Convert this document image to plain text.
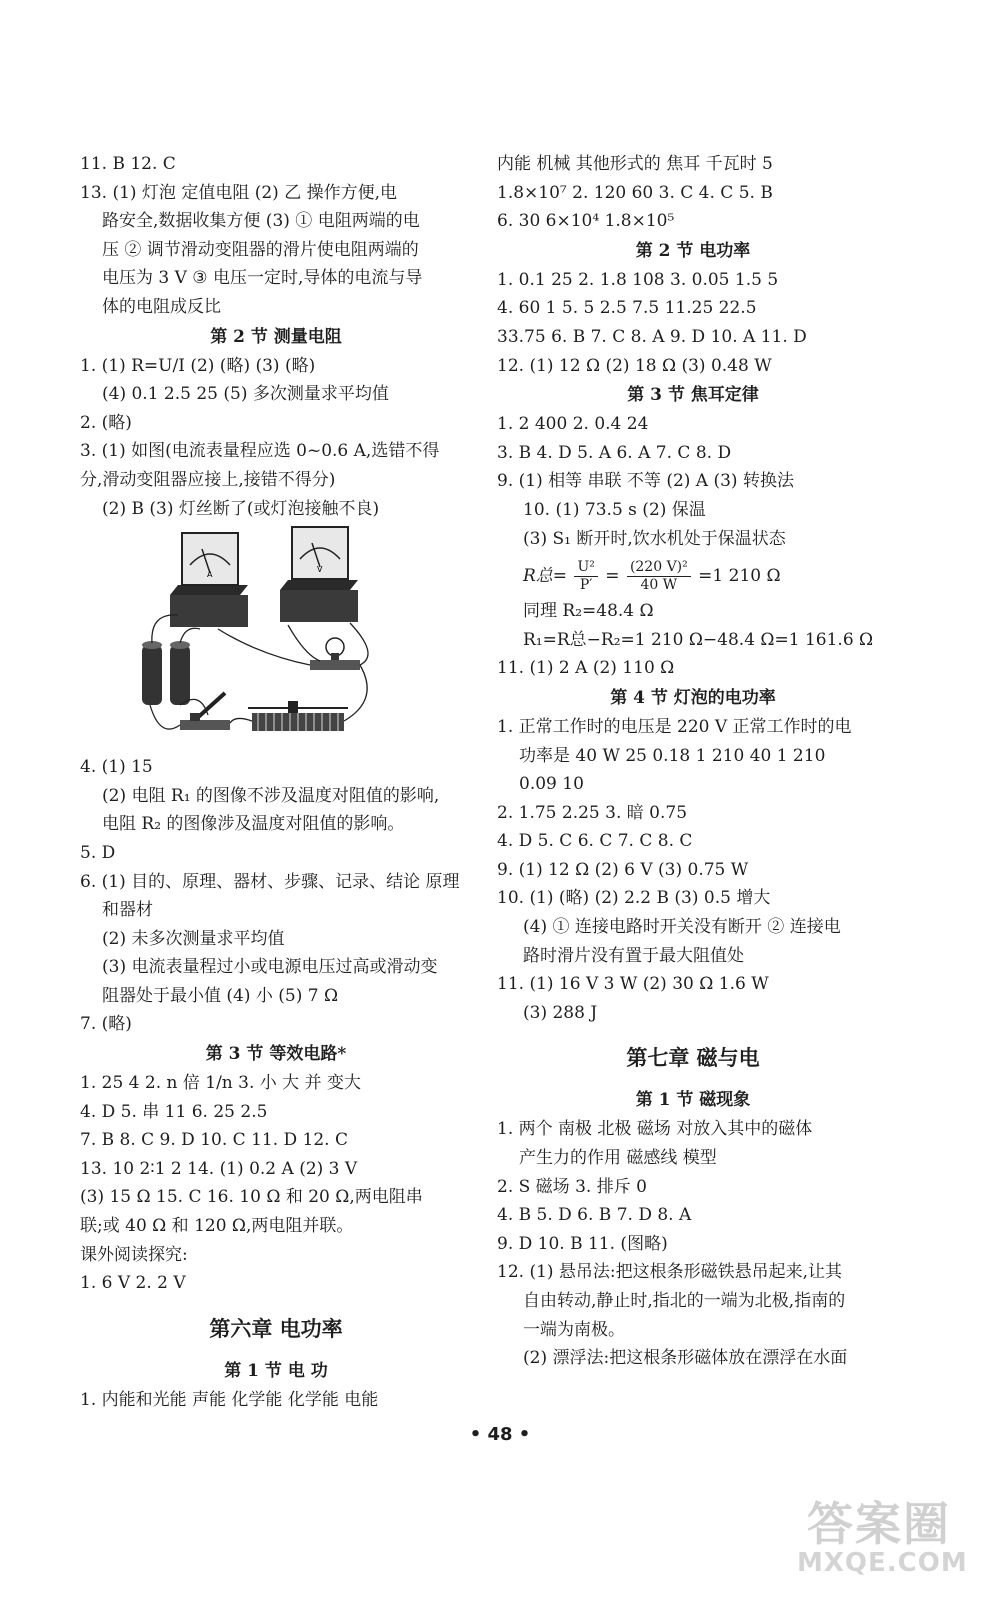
11. B 12. C
13. (1) 灯泡 定值电阻 (2) 乙 操作方便,电
路安全,数据收集方便 (3) ① 电阻两端的电
压 ② 调节滑动变阻器的滑片使电阻两端的
电压为 3 V ③ 电压一定时,导体的电流与导
体的电阻成反比
第 2 节 测量电阻
1. (1) R=U/I (2) (略) (3) (略)
(4) 0.1 2.5 25 (5) 多次测量求平均值
2. (略)
3. (1) 如图(电流表量程应选 0~0.6 A,选错不得
分,滑动变阻器应接上,接错不得分)
(2) B (3) 灯丝断了(或灯泡接触不良)
A
V
4. (1) 15
(2) 电阻 R₁ 的图像不涉及温度对阻值的影响,
电阻 R₂ 的图像涉及温度对阻值的影响。
5. D
6. (1) 目的、原理、器材、步骤、记录、结论 原理
和器材
(2) 未多次测量求平均值
(3) 电流表量程过小或电源电压过高或滑动变
阻器处于最小值 (4) 小 (5) 7 Ω
7. (略)
第 3 节 等效电路*
1. 25 4 2. n 倍 1/n 3. 小 大 并 变大
4. D 5. 串 11 6. 25 2.5
7. B 8. C 9. D 10. C 11. D 12. C
13. 10 2∶1 2 14. (1) 0.2 A (2) 3 V
(3) 15 Ω 15. C 16. 10 Ω 和 20 Ω,两电阻串
联;或 40 Ω 和 120 Ω,两电阻并联。
课外阅读探究:
1. 6 V 2. 2 V
第六章 电功率
第 1 节 电 功
1. 内能和光能 声能 化学能 化学能 电能
内能 机械 其他形式的 焦耳 千瓦时 5
1.8×10⁷ 2. 120 60 3. C 4. C 5. B
6. 30 6×10⁴ 1.8×10⁵
第 2 节 电功率
1. 0.1 25 2. 1.8 108 3. 0.05 1.5 5
4. 60 1 5. 5 2.5 7.5 11.25 22.5
33.75 6. B 7. C 8. A 9. D 10. A 11. D
12. (1) 12 Ω (2) 18 Ω (3) 0.48 W
第 3 节 焦耳定律
1. 2 400 2. 0.4 24
3. B 4. D 5. A 6. A 7. C 8. D
9. (1) 相等 串联 不等 (2) A (3) 转换法
10. (1) 73.5 s (2) 保温
(3) S₁ 断开时,饮水机处于保温状态
R总= $\frac{\text{U²}}{P'} = \frac{\text{(220 V)²}}{40 W} =1$ 210 Ω
同理 R₂=48.4 Ω
R₁=R总−R₂=1 210 Ω−48.4 Ω=1 161.6 Ω
11. (1) 2 A (2) 110 Ω
第 4 节 灯泡的电功率
1. 正常工作时的电压是 220 V 正常工作时的电
功率是 40 W 25 0.18 1 210 40 1 210
0.09 10
2. 1.75 2.25 3. 暗 0.75
4. D 5. C 6. C 7. C 8. C
9. (1) 12 Ω (2) 6 V (3) 0.75 W
10. (1) (略) (2) 2.2 B (3) 0.5 增大
(4) ① 连接电路时开关没有断开 ② 连接电
路时滑片没有置于最大阻值处
11. (1) 16 V 3 W (2) 30 Ω 1.6 W
(3) 288 J
第七章 磁与电
第 1 节 磁现象
1. 两个 南极 北极 磁场 对放入其中的磁体
产生力的作用 磁感线 模型
2. S 磁场 3. 排斥 0
4. B 5. D 6. B 7. D 8. A
9. D 10. B 11. (图略)
12. (1) 悬吊法:把这根条形磁铁悬吊起来,让其
自由转动,静止时,指北的一端为北极,指南的
一端为南极。
(2) 漂浮法:把这根条形磁体放在漂浮在水面
• 48 •
答案圈
MXQE.COM
